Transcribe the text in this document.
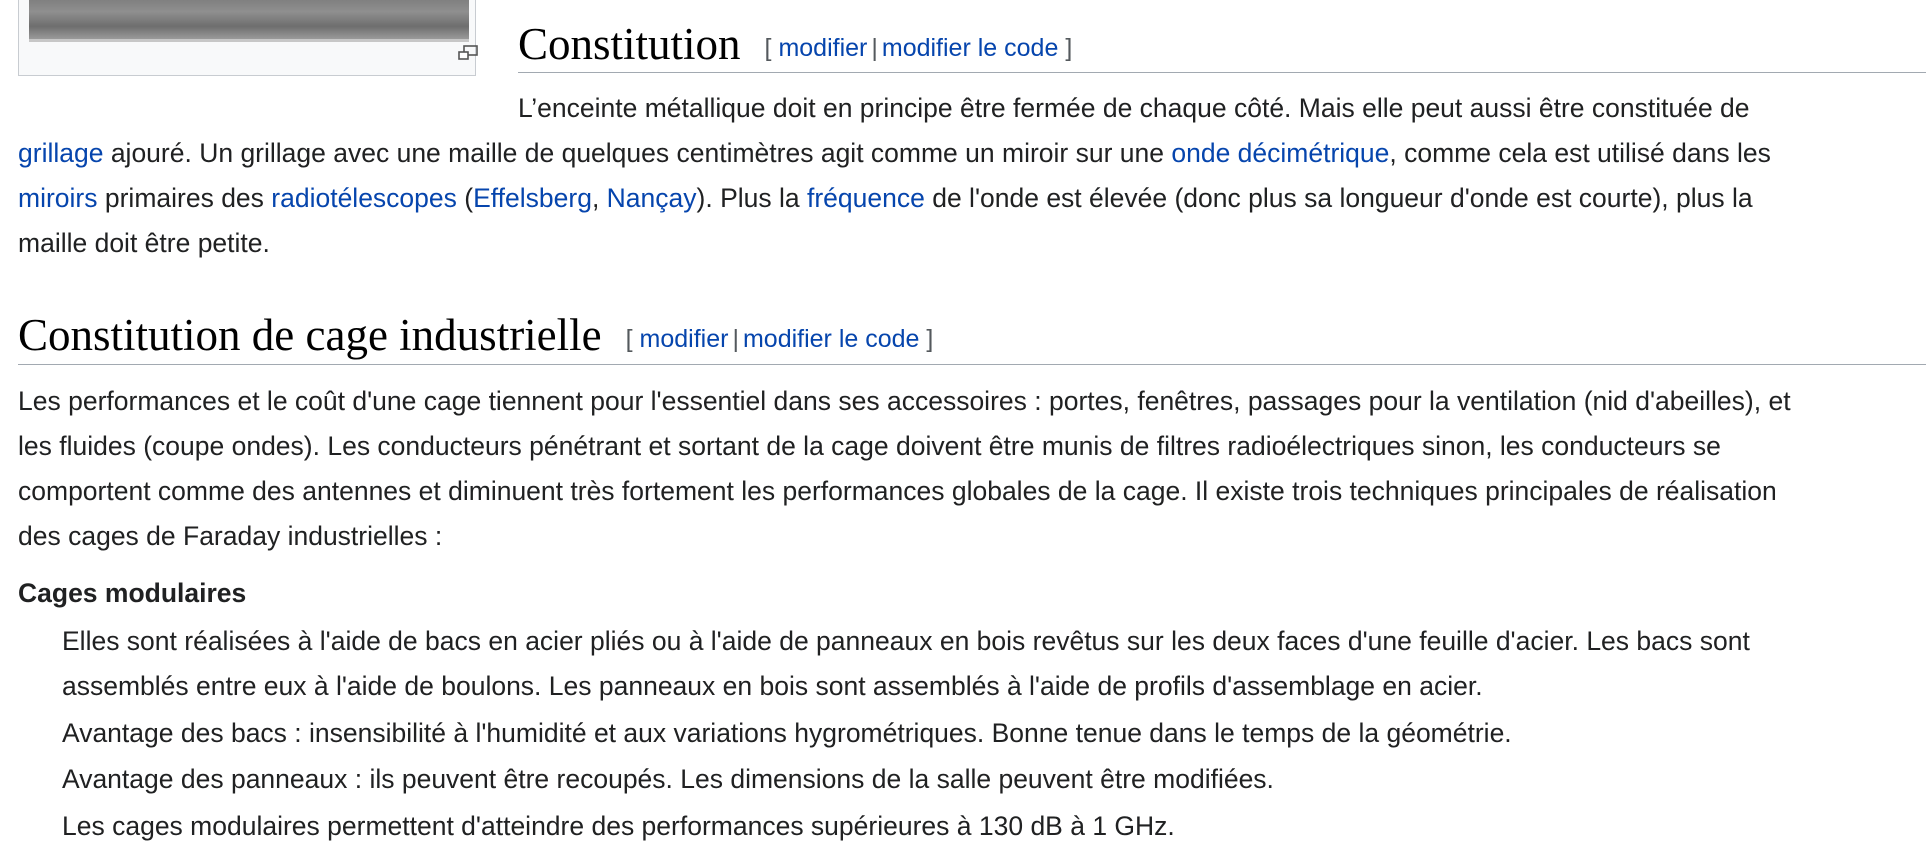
Constitution [ modifier | modifier le code ]

L’enceinte métallique doit en principe être fermée de chaque côté. Mais elle peut aussi être constituée de

grillage ajouré. Un grillage avec une maille de quelques centimètres agit comme un miroir sur une onde décimétrique, comme cela est utilisé dans les

miroirs primaires des radiotélescopes (Effelsberg, Nançay). Plus la fréquence de l'onde est élevée (donc plus sa longueur d'onde est courte), plus la

maille doit être petite.

Constitution de cage industrielle [ modifier | modifier le code ]

Les performances et le coût d'une cage tiennent pour l'essentiel dans ses accessoires : portes, fenêtres, passages pour la ventilation (nid d'abeilles), et

les fluides (coupe ondes). Les conducteurs pénétrant et sortant de la cage doivent être munis de filtres radioélectriques sinon, les conducteurs se

comportent comme des antennes et diminuent très fortement les performances globales de la cage. Il existe trois techniques principales de réalisation

des cages de Faraday industrielles :

Cages modulaires
Elles sont réalisées à l'aide de bacs en acier pliés ou à l'aide de panneaux en bois revêtus sur les deux faces d'une feuille d'acier. Les bacs sont
assemblés entre eux à l'aide de boulons. Les panneaux en bois sont assemblés à l'aide de profils d'assemblage en acier.
Avantage des bacs : insensibilité à l'humidité et aux variations hygrométriques. Bonne tenue dans le temps de la géométrie.
Avantage des panneaux : ils peuvent être recoupés. Les dimensions de la salle peuvent être modifiées.
Les cages modulaires permettent d'atteindre des performances supérieures à 130 dB à 1 GHz.
